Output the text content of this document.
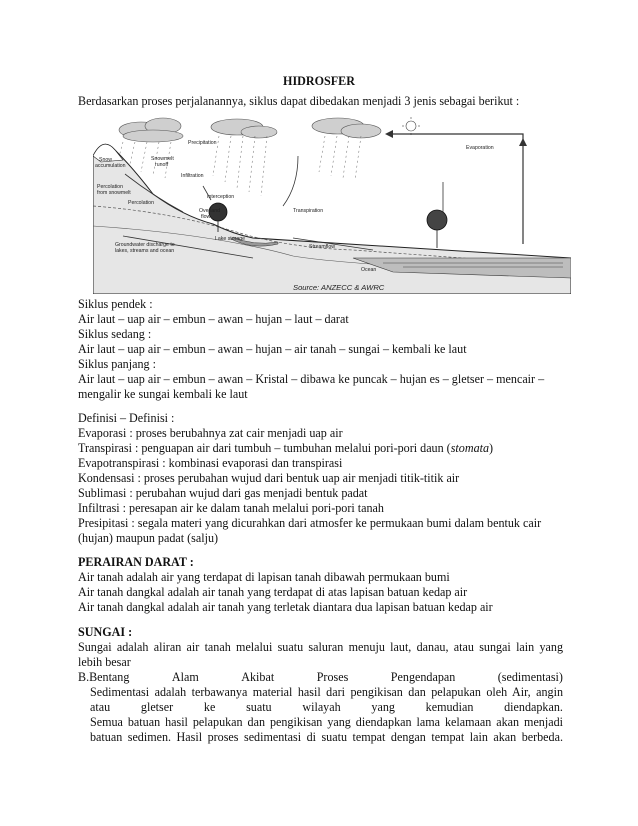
HIDROSFER
Berdasarkan proses perjalanannya, siklus dapat dibedakan menjadi 3 jenis sebagai berikut :
Precipitation
Evaporation
Snow
accumulation
Snowmelt
runoff
Percolation
from snowmelt
Infiltration
Percolation
Interception
Overland
flow
Transpiration
Lake storage
Streamflow
Groundwater discharge to
lakes, streams and ocean
Ocean
Source: ANZECC & AWRC
Siklus pendek :
Air laut – uap air – embun – awan – hujan – laut – darat
Siklus sedang :
Air laut – uap air – embun – awan – hujan – air tanah – sungai – kembali ke laut
Siklus panjang :
Air laut – uap air – embun – awan – Kristal – dibawa ke puncak – hujan es – gletser – mencair –
mengalir ke sungai kembali ke laut
Definisi – Definisi :
Evaporasi : proses berubahnya zat cair menjadi uap air
Transpirasi : penguapan air dari tumbuh – tumbuhan melalui pori-pori daun (stomata)
Evapotranspirasi : kombinasi evaporasi dan transpirasi
Kondensasi : proses perubahan wujud dari bentuk uap air menjadi titik-titik air
Sublimasi : perubahan wujud dari gas menjadi bentuk padat
Infiltrasi : peresapan air ke dalam tanah melalui pori-pori tanah
Presipitasi : segala materi yang dicurahkan dari atmosfer ke permukaan bumi dalam bentuk cair
(hujan) maupun padat (salju)
PERAIRAN DARAT :
Air tanah adalah air yang terdapat di lapisan tanah dibawah permukaan bumi
Air tanah dangkal adalah air tanah yang terdapat di atas lapisan batuan kedap air
Air tanah dangkal adalah air tanah yang terletak diantara dua lapisan batuan kedap air
SUNGAI :
Sungai adalah aliran air tanah melalui suatu saluran menuju laut, danau, atau sungai lain yang
lebih besar
B.Bentang	Alam	Akibat	Proses	Pengendapan	(sedimentasi)
Sedimentasi adalah terbawanya material hasil dari pengikisan dan pelapukan oleh Air, angin
atau	gletser	ke	suatu	wilayah	yang	kemudian	diendapkan.
Semua batuan hasil pelapukan dan pengikisan yang diendapkan lama kelamaan akan menjadi
batuan sedimen. Hasil proses sedimentasi di suatu tempat dengan tempat lain akan berbeda.
